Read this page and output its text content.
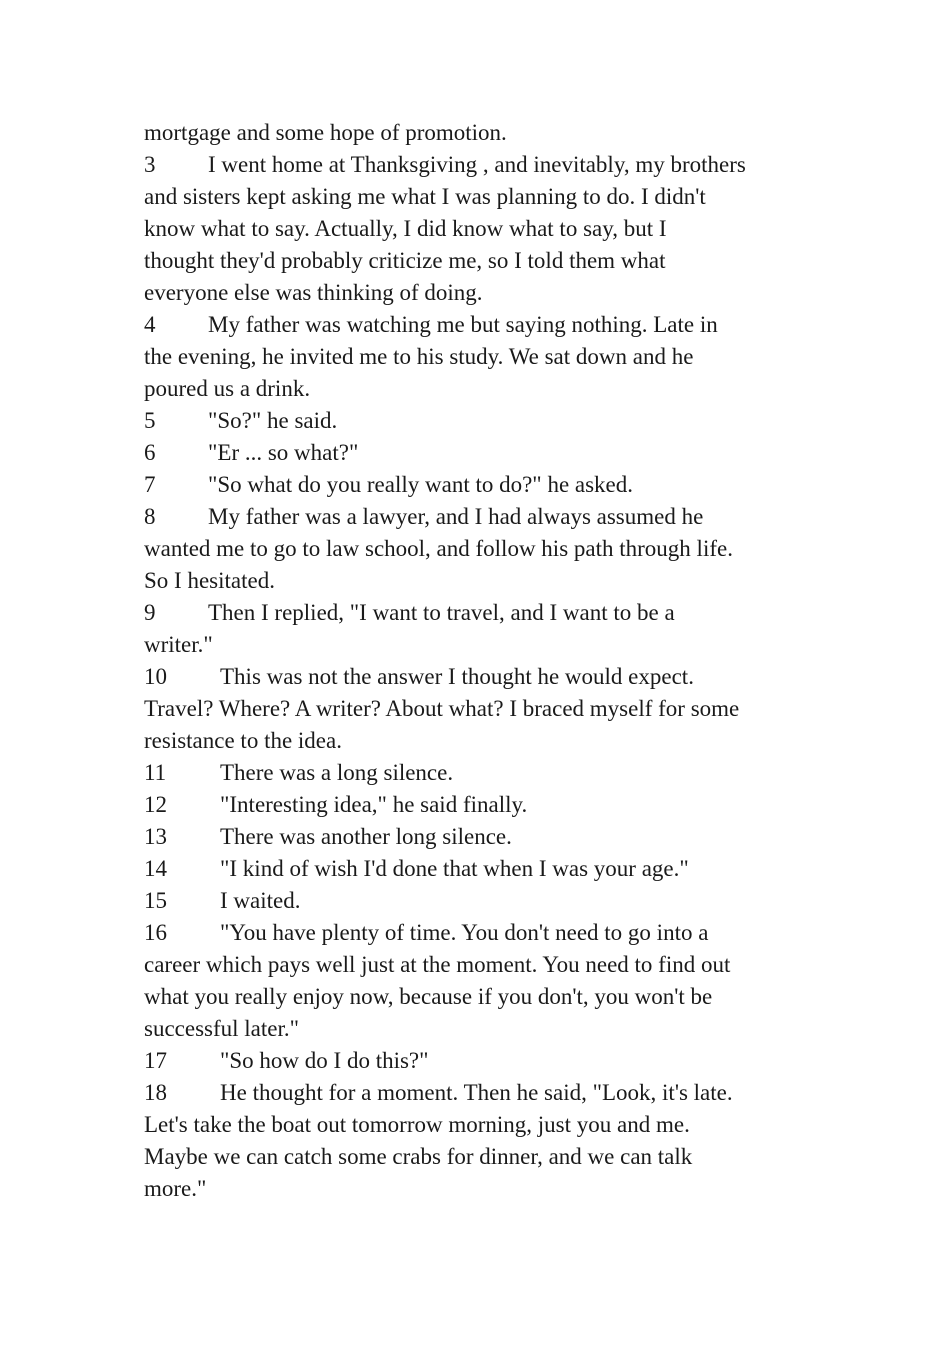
mortgage and some hope of promotion.
3 I went home at Thanksgiving , and inevitably, my brothers
and sisters kept asking me what I was planning to do. I didn't
know what to say. Actually, I did know what to say, but I
thought they'd probably criticize me, so I told them what
everyone else was thinking of doing.
4 My father was watching me but saying nothing. Late in
the evening, he invited me to his study. We sat down and he
poured us a drink.
5 "So?" he said.
6 "Er ... so what?"
7 "So what do you really want to do?" he asked.
8 My father was a lawyer, and I had always assumed he
wanted me to go to law school, and follow his path through life.
So I hesitated.
9 Then I replied, "I want to travel, and I want to be a
writer."
10 This was not the answer I thought he would expect.
Travel? Where? A writer? About what? I braced myself for some
resistance to the idea.
11 There was a long silence.
12 "Interesting idea," he said finally.
13 There was another long silence.
14 "I kind of wish I'd done that when I was your age."
15 I waited.
16 "You have plenty of time. You don't need to go into a
career which pays well just at the moment. You need to find out
what you really enjoy now, because if you don't, you won't be
successful later."
17 "So how do I do this?"
18 He thought for a moment. Then he said, "Look, it's late.
Let's take the boat out tomorrow morning, just you and me.
Maybe we can catch some crabs for dinner, and we can talk
more."
